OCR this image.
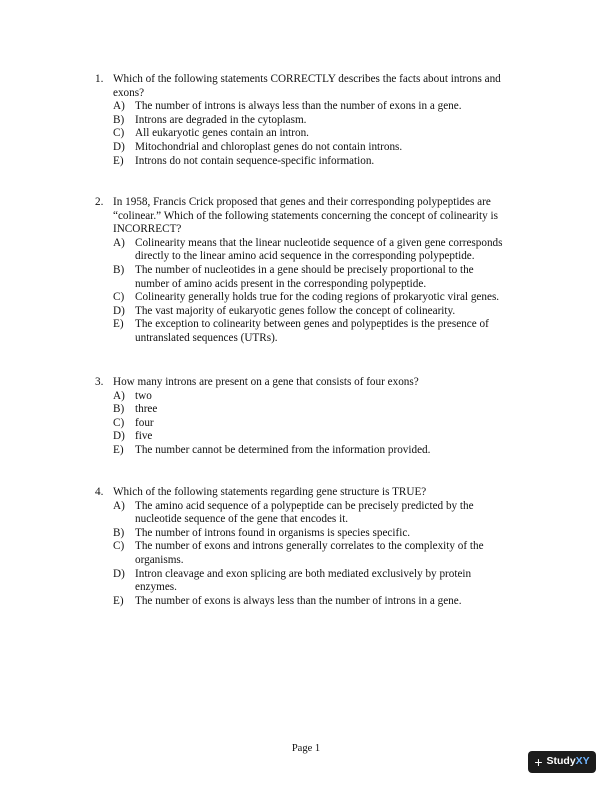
1. Which of the following statements CORRECTLY describes the facts about introns and
exons?
A) The number of introns is always less than the number of exons in a gene.
B) Introns are degraded in the cytoplasm.
C) All eukaryotic genes contain an intron.
D) Mitochondrial and chloroplast genes do not contain introns.
E)	Introns do not contain sequence-specific information.
2. In 1958, Francis Crick proposed that genes and their corresponding polypeptides are
“colinear.” Which of the following statements concerning the concept of colinearity is
INCORRECT?
A) Colinearity means that the linear nucleotide sequence of a given gene corresponds
directly to the linear amino acid sequence in the corresponding polypeptide.
B) The number of nucleotides in a gene should be precisely proportional to the
number of amino acids present in the corresponding polypeptide.
C) Colinearity generally holds true for the coding regions of prokaryotic viral genes.
D) The vast majority of eukaryotic genes follow the concept of colinearity.
E)	The exception to colinearity between genes and polypeptides is the presence of
untranslated sequences (UTRs).
3. How many introns are present on a gene that consists of four exons?
A) two
B) three
C) four
D) five
E)	The number cannot be determined from the information provided.
4. Which of the following statements regarding gene structure is TRUE?
A) The amino acid sequence of a polypeptide can be precisely predicted by the
nucleotide sequence of the gene that encodes it.
B) The number of introns found in organisms is species specific.
C) The number of exons and introns generally correlates to the complexity of the
organisms.
D) Intron cleavage and exon splicing are both mediated exclusively by protein
enzymes.
E)	The number of exons is always less than the number of introns in a gene.
Page 1
+ StudyXY
